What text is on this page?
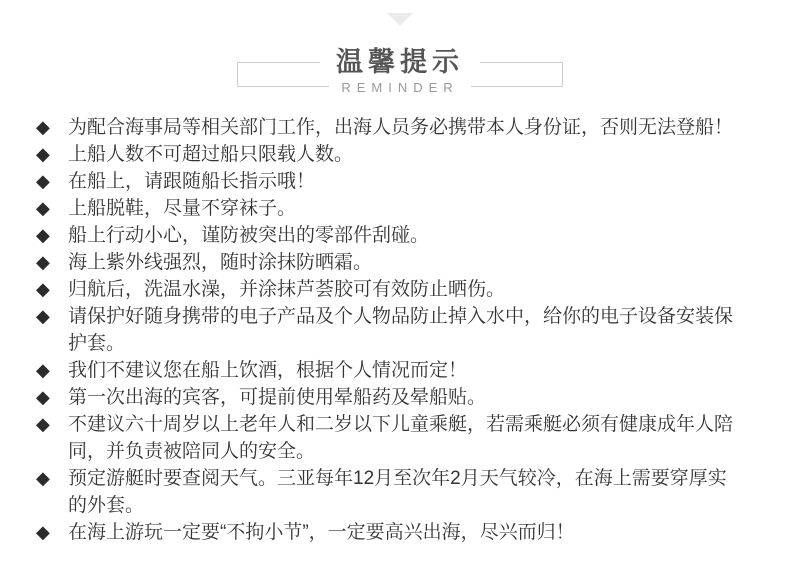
温馨提示
REMINDER
◆ 为配合海事局等相关部门工作，出海人员务必携带本人身份证，否则无法登船！
◆ 上船人数不可超过船只限载人数。
◆ 在船上，请跟随船长指示哦！
◆ 上船脱鞋，尽量不穿袜子。
◆ 船上行动小心，谨防被突出的零部件刮碰。
◆ 海上紫外线强烈，随时涂抹防晒霜。
◆ 归航后，洗温水澡，并涂抹芦荟胶可有效防止晒伤。
◆ 请保护好随身携带的电子产品及个人物品防止掉入水中，给你的电子设备安装保护套。
◆ 我们不建议您在船上饮酒，根据个人情况而定！
◆ 第一次出海的宾客，可提前使用晕船药及晕船贴。
◆ 不建议六十周岁以上老年人和二岁以下儿童乘艇，若需乘艇必须有健康成年人陪同，并负责被陪同人的安全。
◆ 预定游艇时要查阅天气。三亚每年12月至次年2月天气较冷，在海上需要穿厚实的外套。
◆ 在海上游玩一定要“不拘小节”，一定要高兴出海，尽兴而归！
